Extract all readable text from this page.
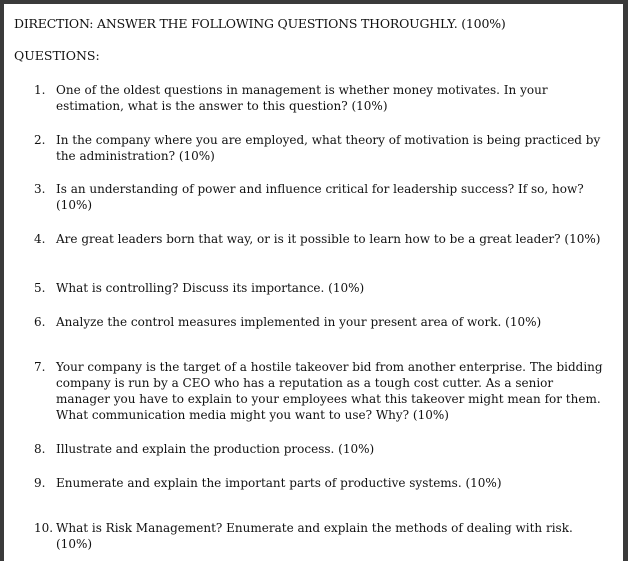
DIRECTION: ANSWER THE FOLLOWING QUESTIONS THOROUGHLY. (100%)
QUESTIONS:
1. One of the oldest questions in management is whether money motivates. In your estimation, what is the answer to this question? (10%)
2. In the company where you are employed, what theory of motivation is being practiced by the administration? (10%)
3. Is an understanding of power and influence critical for leadership success? If so, how? (10%)
4. Are great leaders born that way, or is it possible to learn how to be a great leader? (10%)
5. What is controlling? Discuss its importance. (10%)
6. Analyze the control measures implemented in your present area of work. (10%)
7. Your company is the target of a hostile takeover bid from another enterprise. The bidding company is run by a CEO who has a reputation as a tough cost cutter. As a senior manager you have to explain to your employees what this takeover might mean for them. What communication media might you want to use? Why? (10%)
8. Illustrate and explain the production process. (10%)
9. Enumerate and explain the important parts of productive systems. (10%)
10. What is Risk Management? Enumerate and explain the methods of dealing with risk. (10%)
